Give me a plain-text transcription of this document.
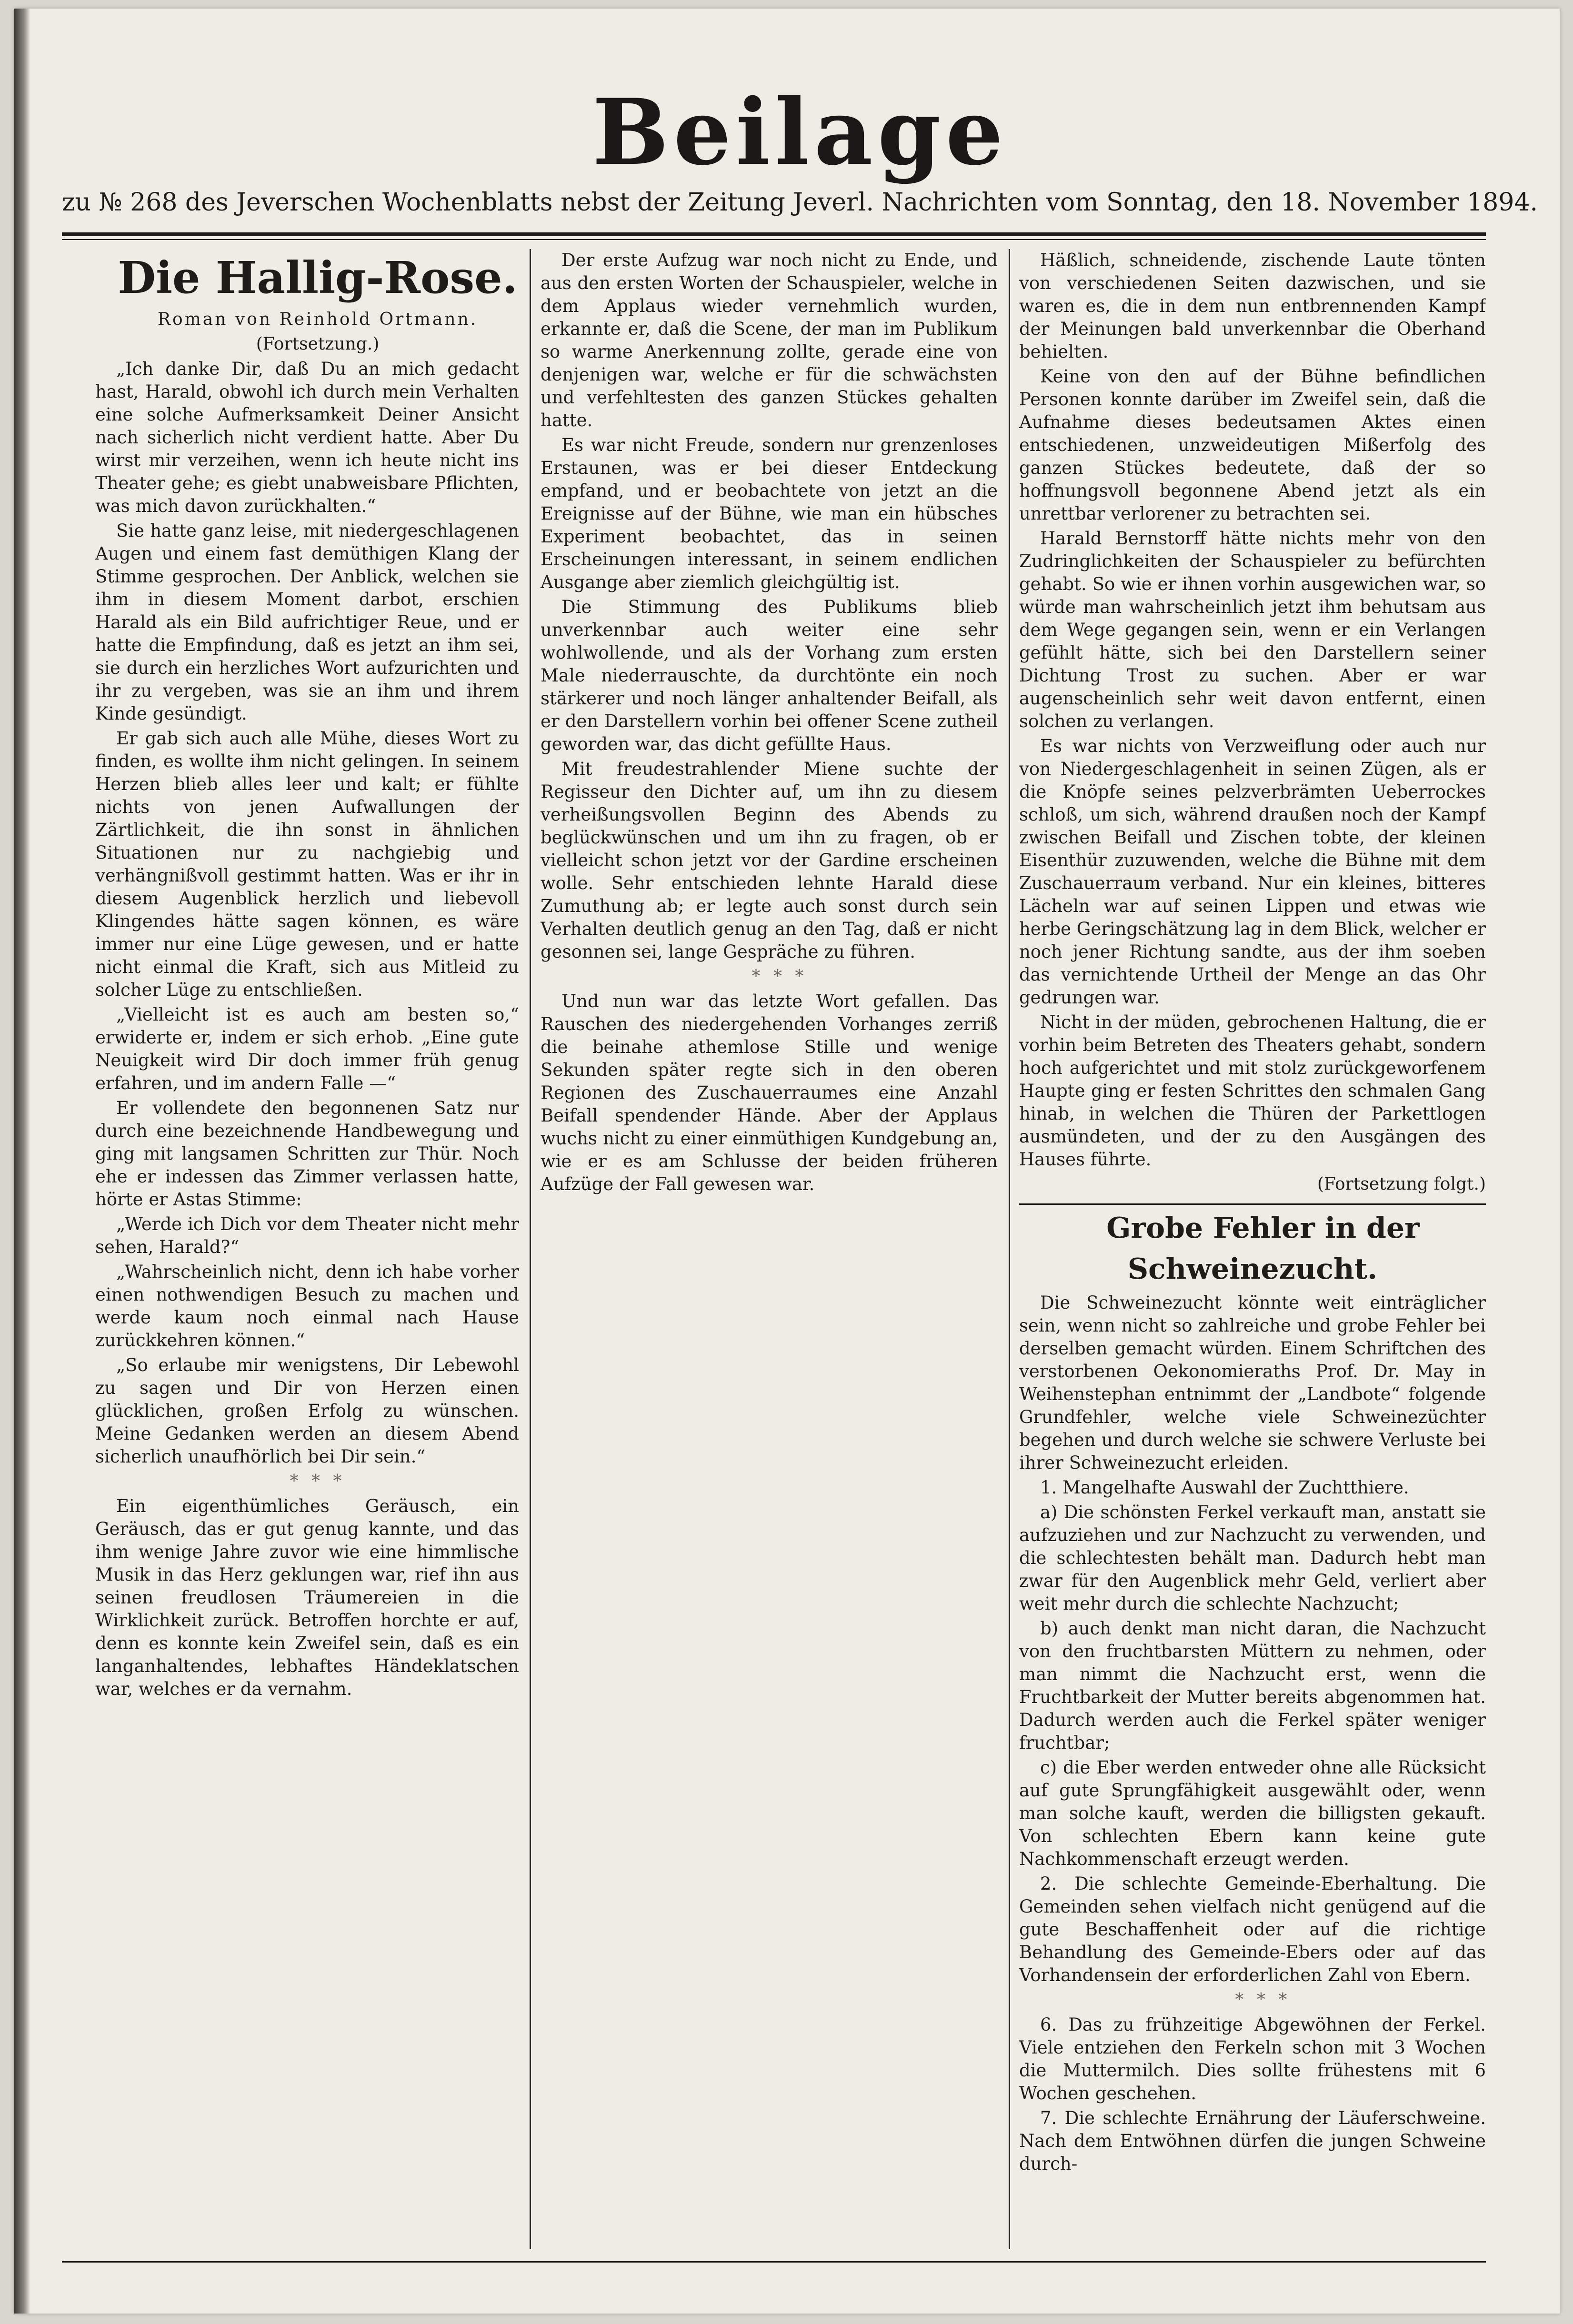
Beilage
zu № 268 des Jeverschen Wochenblatts nebst der Zeitung Jeverl. Nachrichten vom Sonntag, den 18. November 1894.

Die Hallig-Rose.

Roman von Reinhold Ortmann.

(Fortsetzung.)

„Ich danke Dir, daß Du an mich gedacht hast, Harald, obwohl ich durch mein Verhalten eine solche Aufmerksamkeit Deiner Ansicht nach sicherlich nicht verdient hatte. Aber Du wirst mir verzeihen, wenn ich heute nicht ins Theater gehe; es giebt unabweisbare Pflichten, was mich davon zurückhalten.“

Sie hatte ganz leise, mit niedergeschlagenen Augen und einem fast demüthigen Klang der Stimme gesprochen. Der Anblick, welchen sie ihm in diesem Moment darbot, erschien Harald als ein Bild aufrichtiger Reue, und er hatte die Empfindung, daß es jetzt an ihm sei, sie durch ein herzliches Wort aufzurichten und ihr zu vergeben, was sie an ihm und ihrem Kinde gesündigt.

Er gab sich auch alle Mühe, dieses Wort zu finden, es wollte ihm nicht gelingen. In seinem Herzen blieb alles leer und kalt; er fühlte nichts von jenen Aufwallungen der Zärtlichkeit, die ihn sonst in ähnlichen Situationen nur zu nachgiebig und verhängnißvoll gestimmt hatten. Was er ihr in diesem Augenblick herzlich und liebevoll Klingendes hätte sagen können, es wäre immer nur eine Lüge gewesen, und er hatte nicht einmal die Kraft, sich aus Mitleid zu solcher Lüge zu entschließen.

„Vielleicht ist es auch am besten so,“ erwiderte er, indem er sich erhob. „Eine gute Neuigkeit wird Dir doch immer früh genug erfahren, und im andern Falle —“

Er vollendete den begonnenen Satz nur durch eine bezeichnende Handbewegung und ging mit langsamen Schritten zur Thür. Noch ehe er indessen das Zimmer verlassen hatte, hörte er Astas Stimme:

„Werde ich Dich vor dem Theater nicht mehr sehen, Harald?“

„Wahrscheinlich nicht, denn ich habe vorher einen nothwendigen Besuch zu machen und werde kaum noch einmal nach Hause zurückkehren können.“

„So erlaube mir wenigstens, Dir Lebewohl zu sagen und Dir von Herzen einen glücklichen, großen Erfolg zu wünschen. Meine Gedanken werden an diesem Abend sicherlich unaufhörlich bei Dir sein.“

* * *

Ein eigenthümliches Geräusch, ein Geräusch, das er gut genug kannte, und das ihm wenige Jahre zuvor wie eine himmlische Musik in das Herz geklungen war, rief ihn aus seinen freudlosen Träumereien in die Wirklichkeit zurück. Betroffen horchte er auf, denn es konnte kein Zweifel sein, daß es ein langanhaltendes, lebhaftes Händeklatschen war, welches er da vernahm.

Der erste Aufzug war noch nicht zu Ende, und aus den ersten Worten der Schauspieler, welche in dem Applaus wieder vernehmlich wurden, erkannte er, daß die Scene, der man im Publikum so warme Anerkennung zollte, gerade eine von denjenigen war, welche er für die schwächsten und verfehltesten des ganzen Stückes gehalten hatte.

Es war nicht Freude, sondern nur grenzenloses Erstaunen, was er bei dieser Entdeckung empfand, und er beobachtete von jetzt an die Ereignisse auf der Bühne, wie man ein hübsches Experiment beobachtet, das in seinen Erscheinungen interessant, in seinem endlichen Ausgange aber ziemlich gleichgültig ist.

Die Stimmung des Publikums blieb unverkennbar auch weiter eine sehr wohlwollende, und als der Vorhang zum ersten Male niederrauschte, da durchtönte ein noch stärkerer und noch länger anhaltender Beifall, als er den Darstellern vorhin bei offener Scene zutheil geworden war, das dicht gefüllte Haus.

Mit freudestrahlender Miene suchte der Regisseur den Dichter auf, um ihn zu diesem verheißungsvollen Beginn des Abends zu beglückwünschen und um ihn zu fragen, ob er vielleicht schon jetzt vor der Gardine erscheinen wolle. Sehr entschieden lehnte Harald diese Zumuthung ab; er legte auch sonst durch sein Verhalten deutlich genug an den Tag, daß er nicht gesonnen sei, lange Gespräche zu führen.

* * *

Und nun war das letzte Wort gefallen. Das Rauschen des niedergehenden Vorhanges zerriß die beinahe athemlose Stille und wenige Sekunden später regte sich in den oberen Regionen des Zuschauerraumes eine Anzahl Beifall spendender Hände. Aber der Applaus wuchs nicht zu einer einmüthigen Kundgebung an, wie er es am Schlusse der beiden früheren Aufzüge der Fall gewesen war.

Häßlich, schneidende, zischende Laute tönten von verschiedenen Seiten dazwischen, und sie waren es, die in dem nun entbrennenden Kampf der Meinungen bald unverkennbar die Oberhand behielten.

Keine von den auf der Bühne befindlichen Personen konnte darüber im Zweifel sein, daß die Aufnahme dieses bedeutsamen Aktes einen entschiedenen, unzweideutigen Mißerfolg des ganzen Stückes bedeutete, daß der so hoffnungsvoll begonnene Abend jetzt als ein unrettbar verlorener zu betrachten sei.

Harald Bernstorff hätte nichts mehr von den Zudringlichkeiten der Schauspieler zu befürchten gehabt. So wie er ihnen vorhin ausgewichen war, so würde man wahrscheinlich jetzt ihm behutsam aus dem Wege gegangen sein, wenn er ein Verlangen gefühlt hätte, sich bei den Darstellern seiner Dichtung Trost zu suchen. Aber er war augenscheinlich sehr weit davon entfernt, einen solchen zu verlangen.

Es war nichts von Verzweiflung oder auch nur von Niedergeschlagenheit in seinen Zügen, als er die Knöpfe seines pelzverbrämten Ueberrockes schloß, um sich, während draußen noch der Kampf zwischen Beifall und Zischen tobte, der kleinen Eisenthür zuzuwenden, welche die Bühne mit dem Zuschauerraum verband. Nur ein kleines, bitteres Lächeln war auf seinen Lippen und etwas wie herbe Geringschätzung lag in dem Blick, welcher er noch jener Richtung sandte, aus der ihm soeben das vernichtende Urtheil der Menge an das Ohr gedrungen war.

Nicht in der müden, gebrochenen Haltung, die er vorhin beim Betreten des Theaters gehabt, sondern hoch aufgerichtet und mit stolz zurückgeworfenem Haupte ging er festen Schrittes den schmalen Gang hinab, in welchen die Thüren der Parkettlogen ausmündeten, und der zu den Ausgängen des Hauses führte.

(Fortsetzung folgt.)

Grobe Fehler in der Schweinezucht.

Die Schweinezucht könnte weit einträglicher sein, wenn nicht so zahlreiche und grobe Fehler bei derselben gemacht würden. Einem Schriftchen des verstorbenen Oekonomieraths Prof. Dr. May in Weihenstephan entnimmt der „Landbote“ folgende Grundfehler, welche viele Schweinezüchter begehen und durch welche sie schwere Verluste bei ihrer Schweinezucht erleiden.

1. Mangelhafte Auswahl der Zuchtthiere.

a) Die schönsten Ferkel verkauft man, anstatt sie aufzuziehen und zur Nachzucht zu verwenden, und die schlechtesten behält man. Dadurch hebt man zwar für den Augenblick mehr Geld, verliert aber weit mehr durch die schlechte Nachzucht;

b) auch denkt man nicht daran, die Nachzucht von den fruchtbarsten Müttern zu nehmen, oder man nimmt die Nachzucht erst, wenn die Fruchtbarkeit der Mutter bereits abgenommen hat. Dadurch werden auch die Ferkel später weniger fruchtbar;

c) die Eber werden entweder ohne alle Rücksicht auf gute Sprungfähigkeit ausgewählt oder, wenn man solche kauft, werden die billigsten gekauft. Von schlechten Ebern kann keine gute Nachkommenschaft erzeugt werden.

2. Die schlechte Gemeinde-Eberhaltung. Die Gemeinden sehen vielfach nicht genügend auf die gute Beschaffenheit oder auf die richtige Behandlung des Gemeinde-Ebers oder auf das Vorhandensein der erforderlichen Zahl von Ebern.

* * *

6. Das zu frühzeitige Abgewöhnen der Ferkel. Viele entziehen den Ferkeln schon mit 3 Wochen die Muttermilch. Dies sollte frühestens mit 6 Wochen geschehen.

7. Die schlechte Ernährung der Läuferschweine. Nach dem Entwöhnen dürfen die jungen Schweine durch-
